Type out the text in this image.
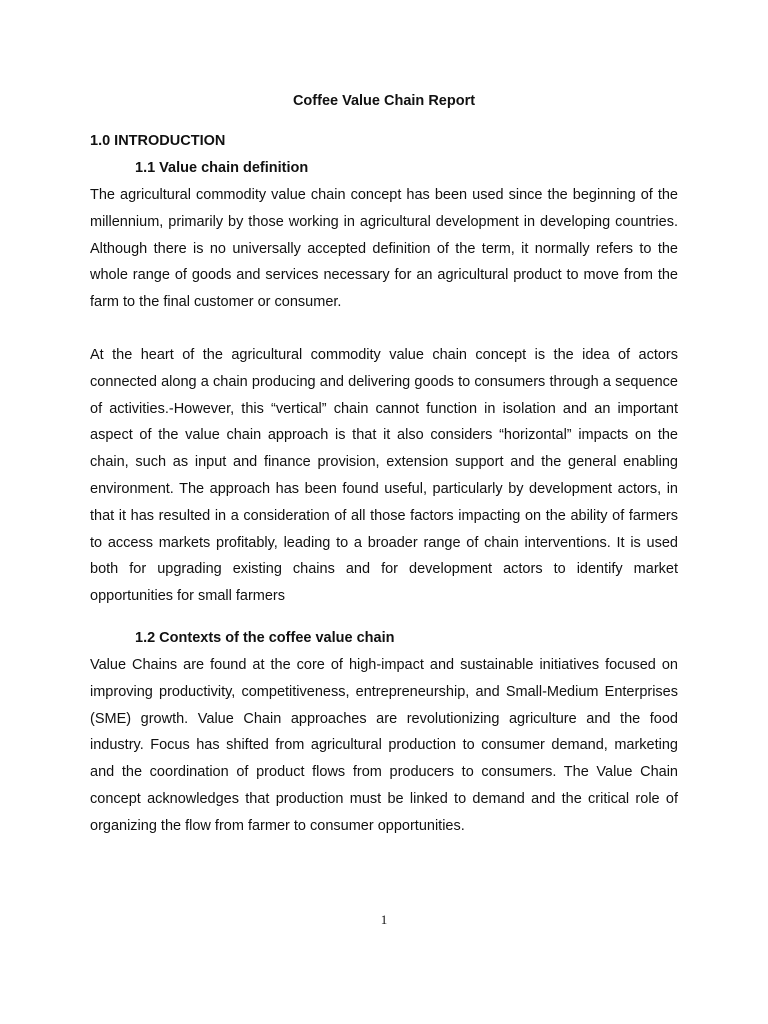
Coffee Value Chain Report
1.0 INTRODUCTION
1.1 Value chain definition

The agricultural commodity value chain concept has been used since the beginning of the millennium, primarily by those working in agricultural development in developing countries. Although there is no universally accepted definition of the term, it normally refers to the whole range of goods and services necessary for an agricultural product to move from the farm to the final customer or consumer.

At the heart of the agricultural commodity value chain concept is the idea of actors connected along a chain producing and delivering goods to consumers through a sequence of activities.-However, this “vertical” chain cannot function in isolation and an important aspect of the value chain approach is that it also considers “horizontal” impacts on the chain, such as input and finance provision, extension support and the general enabling environment. The approach has been found useful, particularly by development actors, in that it has resulted in a consideration of all those factors impacting on the ability of farmers to access markets profitably, leading to a broader range of chain interventions. It is used both for upgrading existing chains and for development actors to identify market opportunities for small farmers

1.2 Contexts of the coffee value chain

Value Chains are found at the core of high-impact and sustainable initiatives focused on improving productivity, competitiveness, entrepreneurship, and Small-Medium Enterprises (SME) growth. Value Chain approaches are revolutionizing agriculture and the food industry. Focus has shifted from agricultural production to consumer demand, marketing and the coordination of product flows from producers to consumers. The Value Chain concept acknowledges that production must be linked to demand and the critical role of organizing the flow from farmer to consumer opportunities.

1
